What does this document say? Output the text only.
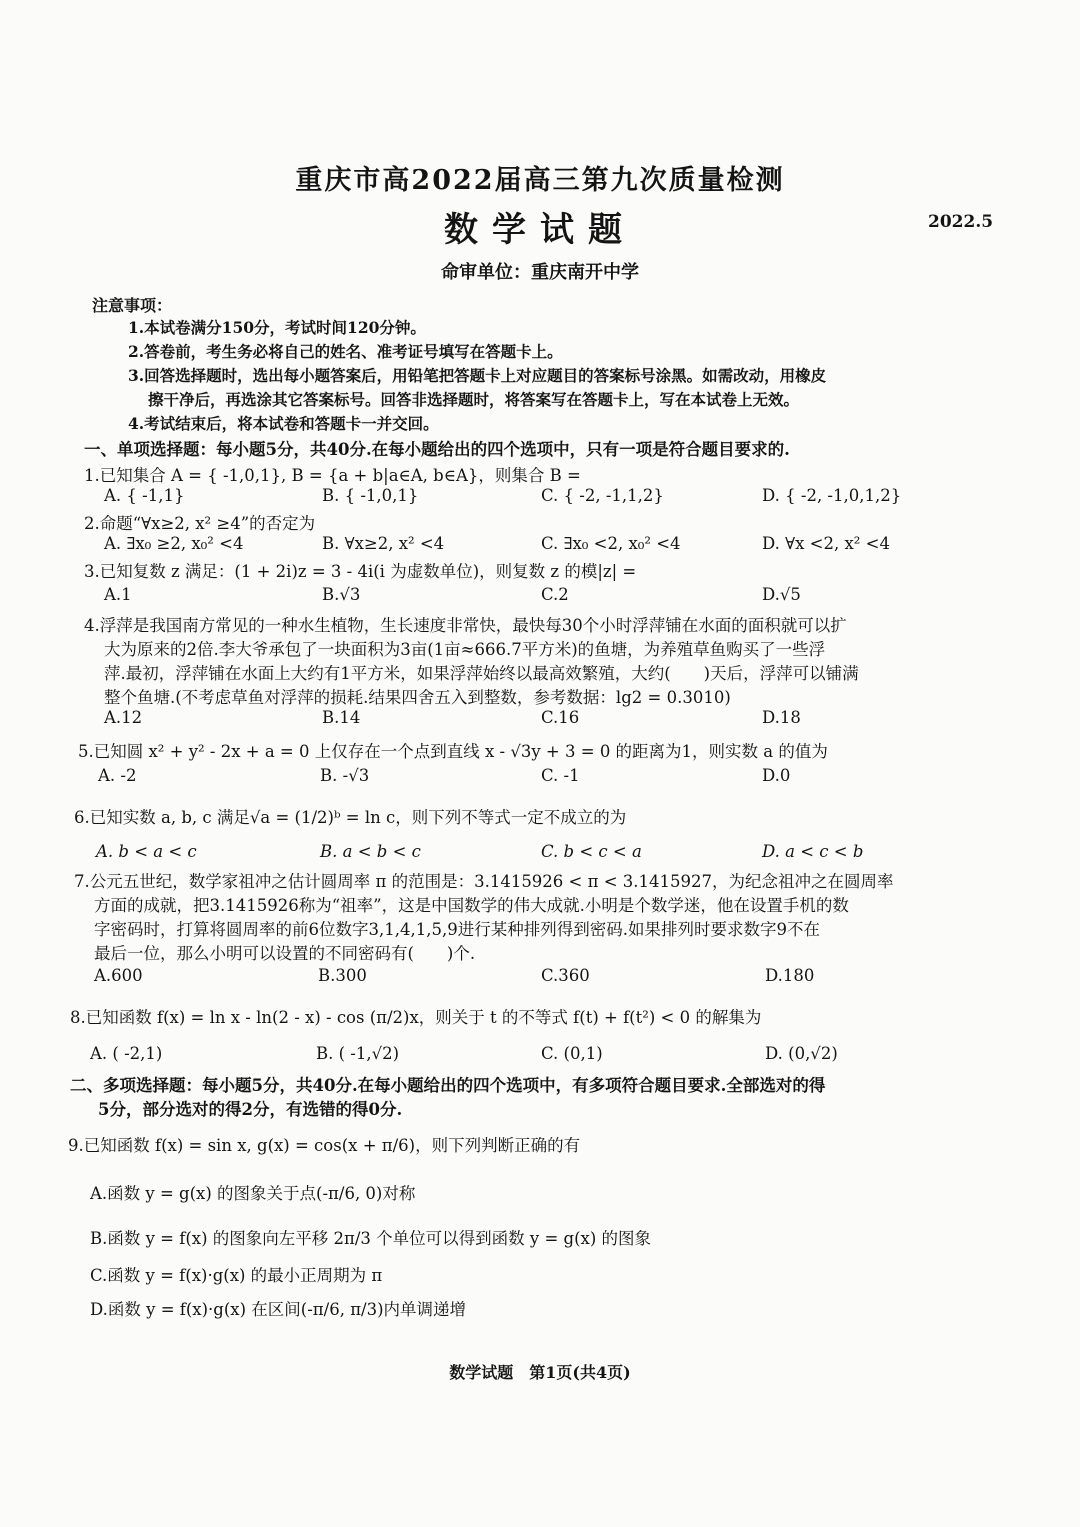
重庆市高2022届高三第九次质量检测
数学试题	2022.5
命审单位：重庆南开中学
注意事项：
1.本试卷满分150分，考试时间120分钟。
2.答卷前，考生务必将自己的姓名、准考证号填写在答题卡上。
3.回答选择题时，选出每小题答案后，用铅笔把答题卡上对应题目的答案标号涂黑。如需改动，用橡皮
擦干净后，再选涂其它答案标号。回答非选择题时，将答案写在答题卡上，写在本试卷上无效。
4.考试结束后，将本试卷和答题卡一并交回。
一、单项选择题：每小题5分，共40分.在每小题给出的四个选项中，只有一项是符合题目要求的.
1.已知集合 A = { -1,0,1}, B = {a + b|a∈A, b∈A}，则集合 B =
A. { -1,1}	B. { -1,0,1}	C. { -2, -1,1,2}	D. { -2, -1,0,1,2}
2.命题“∀x≥2, x² ≥4”的否定为
A. ∃x₀ ≥2, x₀² <4	B. ∀x≥2, x² <4	C. ∃x₀ <2, x₀² <4	D. ∀x <2, x² <4
3.已知复数 z 满足：(1 + 2i)z = 3 - 4i(i 为虚数单位)，则复数 z 的模|z| =
A.1	B.√3	C.2	D.√5
4.浮萍是我国南方常见的一种水生植物，生长速度非常快，最快每30个小时浮萍铺在水面的面积就可以扩
大为原来的2倍.李大爷承包了一块面积为3亩(1亩≈666.7平方米)的鱼塘，为养殖草鱼购买了一些浮
萍.最初，浮萍铺在水面上大约有1平方米，如果浮萍始终以最高效繁殖，大约(　　)天后，浮萍可以铺满
整个鱼塘.(不考虑草鱼对浮萍的损耗.结果四舍五入到整数，参考数据：lg2 = 0.3010)
A.12	B.14	C.16	D.18
5.已知圆 x² + y² - 2x + a = 0 上仅存在一个点到直线 x - √3y + 3 = 0 的距离为1，则实数 a 的值为
A. -2	B. -√3	C. -1	D.0
6.已知实数 a, b, c 满足√a = (1/2)ᵇ = ln c，则下列不等式一定不成立的为
A. b < a < c	B. a < b < c	C. b < c < a	D. a < c < b
7.公元五世纪，数学家祖冲之估计圆周率 π 的范围是：3.1415926 < π < 3.1415927，为纪念祖冲之在圆周率
方面的成就，把3.1415926称为“祖率”，这是中国数学的伟大成就.小明是个数学迷，他在设置手机的数
字密码时，打算将圆周率的前6位数字3,1,4,1,5,9进行某种排列得到密码.如果排列时要求数字9不在
最后一位，那么小明可以设置的不同密码有(　　)个.
A.600	B.300	C.360	D.180
8.已知函数 f(x) = ln x - ln(2 - x) - cos (π/2)x，则关于 t 的不等式 f(t) + f(t²) < 0 的解集为
A. ( -2,1)	B. ( -1,√2)	C. (0,1)	D. (0,√2)
二、多项选择题：每小题5分，共40分.在每小题给出的四个选项中，有多项符合题目要求.全部选对的得
5分，部分选对的得2分，有选错的得0分.
9.已知函数 f(x) = sin x, g(x) = cos(x + π/6)，则下列判断正确的有
A.函数 y = g(x) 的图象关于点(-π/6, 0)对称
B.函数 y = f(x) 的图象向左平移 2π/3 个单位可以得到函数 y = g(x) 的图象
C.函数 y = f(x)·g(x) 的最小正周期为 π
D.函数 y = f(x)·g(x) 在区间(-π/6, π/3)内单调递增
数学试题　第1页(共4页)
